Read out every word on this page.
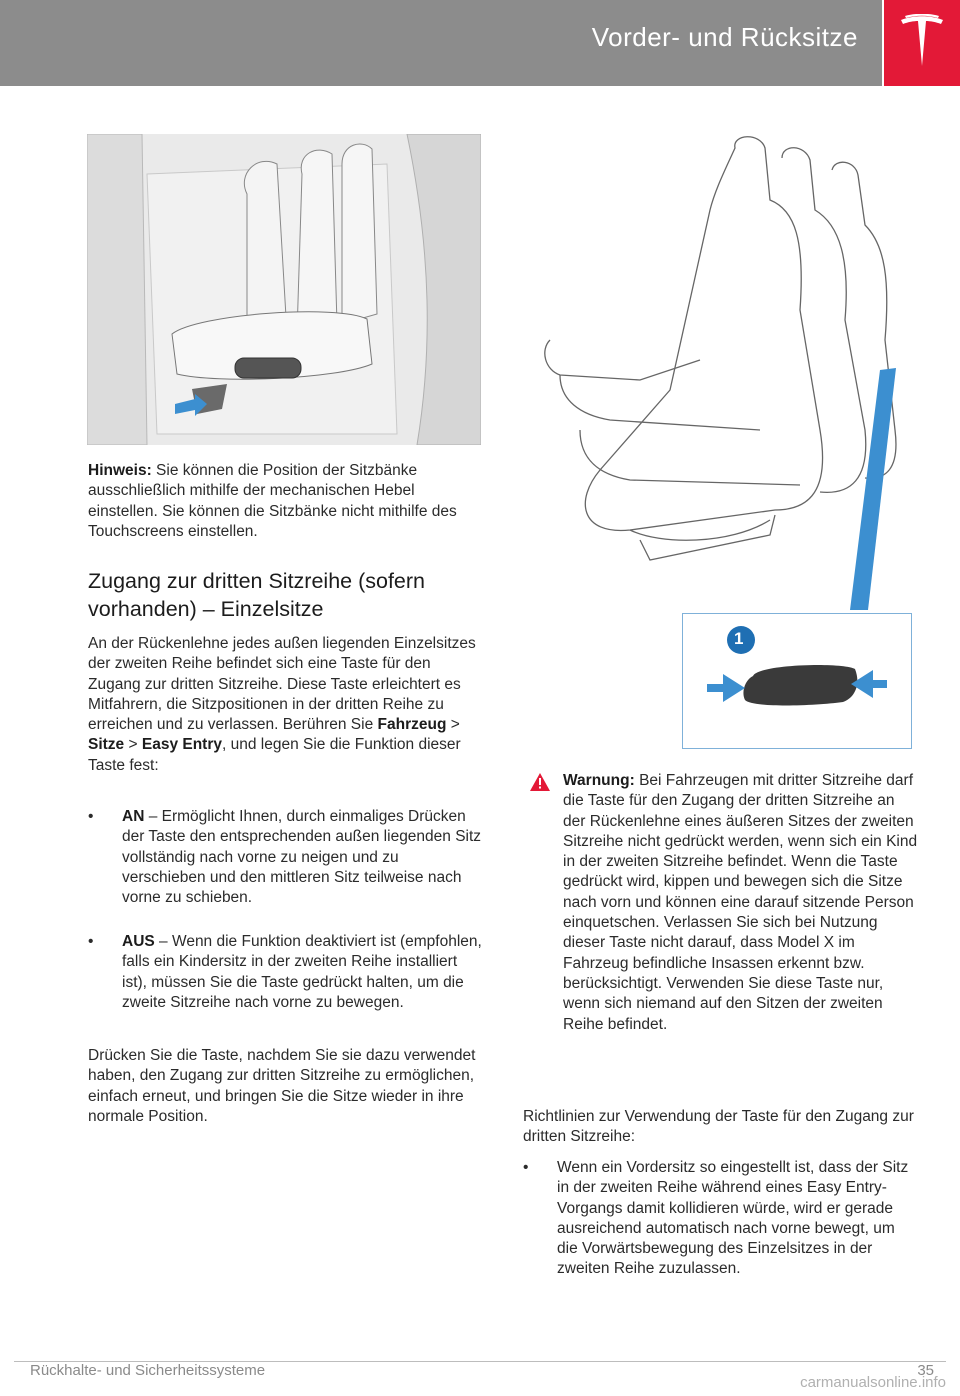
Vorder- und Rücksitze
Hinweis: Sie können die Position der Sitzbänke ausschließlich mithilfe der mechanischen Hebel einstellen. Sie können die Sitzbänke nicht mithilfe des Touchscreens einstellen.
Zugang zur dritten Sitzreihe (sofern vorhanden) – Einzelsitze
An der Rückenlehne jedes außen liegenden Einzelsitzes der zweiten Reihe befindet sich eine Taste für den Zugang zur dritten Sitzreihe. Diese Taste erleichtert es Mitfahrern, die Sitzpositionen in der dritten Reihe zu erreichen und zu verlassen. Berühren Sie Fahrzeug > Sitze > Easy Entry, und legen Sie die Funktion dieser Taste fest:
• AN – Ermöglicht Ihnen, durch einmaliges Drücken der Taste den entsprechenden außen liegenden Sitz vollständig nach vorne zu neigen und zu verschieben und den mittleren Sitz teilweise nach vorne zu schieben.
• AUS – Wenn die Funktion deaktiviert ist (empfohlen, falls ein Kindersitz in der zweiten Reihe installiert ist), müssen Sie die Taste gedrückt halten, um die zweite Sitzreihe nach vorne zu bewegen.
Drücken Sie die Taste, nachdem Sie sie dazu verwendet haben, den Zugang zur dritten Sitzreihe zu ermöglichen, einfach erneut, und bringen Sie die Sitze wieder in ihre normale Position.
1
Warnung: Bei Fahrzeugen mit dritter Sitzreihe darf die Taste für den Zugang der dritten Sitzreihe an der Rückenlehne eines äußeren Sitzes der zweiten Sitzreihe nicht gedrückt werden, wenn sich ein Kind in der zweiten Sitzreihe befindet. Wenn die Taste gedrückt wird, kippen und bewegen sich die Sitze nach vorn und können eine darauf sitzende Person einquetschen. Verlassen Sie sich bei Nutzung dieser Taste nicht darauf, dass Model X im Fahrzeug befindliche Insassen erkennt bzw. berücksichtigt. Verwenden Sie diese Taste nur, wenn sich niemand auf den Sitzen der zweiten Reihe befindet.
Richtlinien zur Verwendung der Taste für den Zugang zur dritten Sitzreihe:
• Wenn ein Vordersitz so eingestellt ist, dass der Sitz in der zweiten Reihe während eines Easy Entry-Vorgangs damit kollidieren würde, wird er gerade ausreichend automatisch nach vorne bewegt, um die Vorwärtsbewegung des Einzelsitzes in der zweiten Reihe zuzulassen.
Rückhalte- und Sicherheitssysteme	35
carmanualsonline.info
